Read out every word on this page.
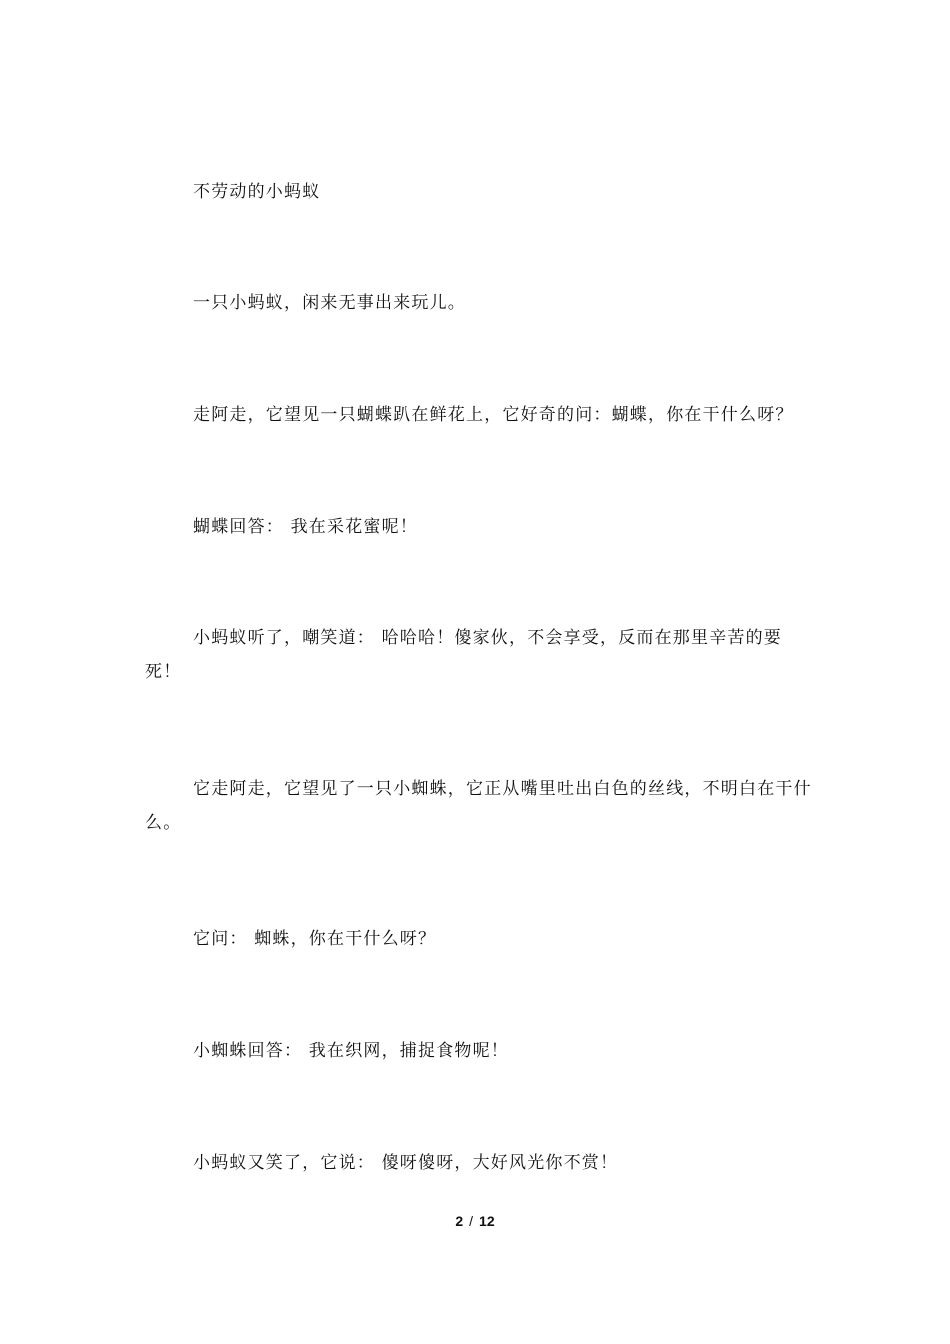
不劳动的小蚂蚁

一只小蚂蚁，闲来无事出来玩儿。

走阿走，它望见一只蝴蝶趴在鲜花上，它好奇的问：蝴蝶，你在干什么呀？

蝴蝶回答： 我在采花蜜呢！

小蚂蚁听了，嘲笑道： 哈哈哈！傻家伙，不会享受，反而在那里辛苦的要死！

它走阿走，它望见了一只小蜘蛛，它正从嘴里吐出白色的丝线，不明白在干什么。

它问： 蜘蛛，你在干什么呀？

小蜘蛛回答： 我在织网，捕捉食物呢！

小蚂蚁又笑了，它说： 傻呀傻呀，大好风光你不赏！

2 / 12
